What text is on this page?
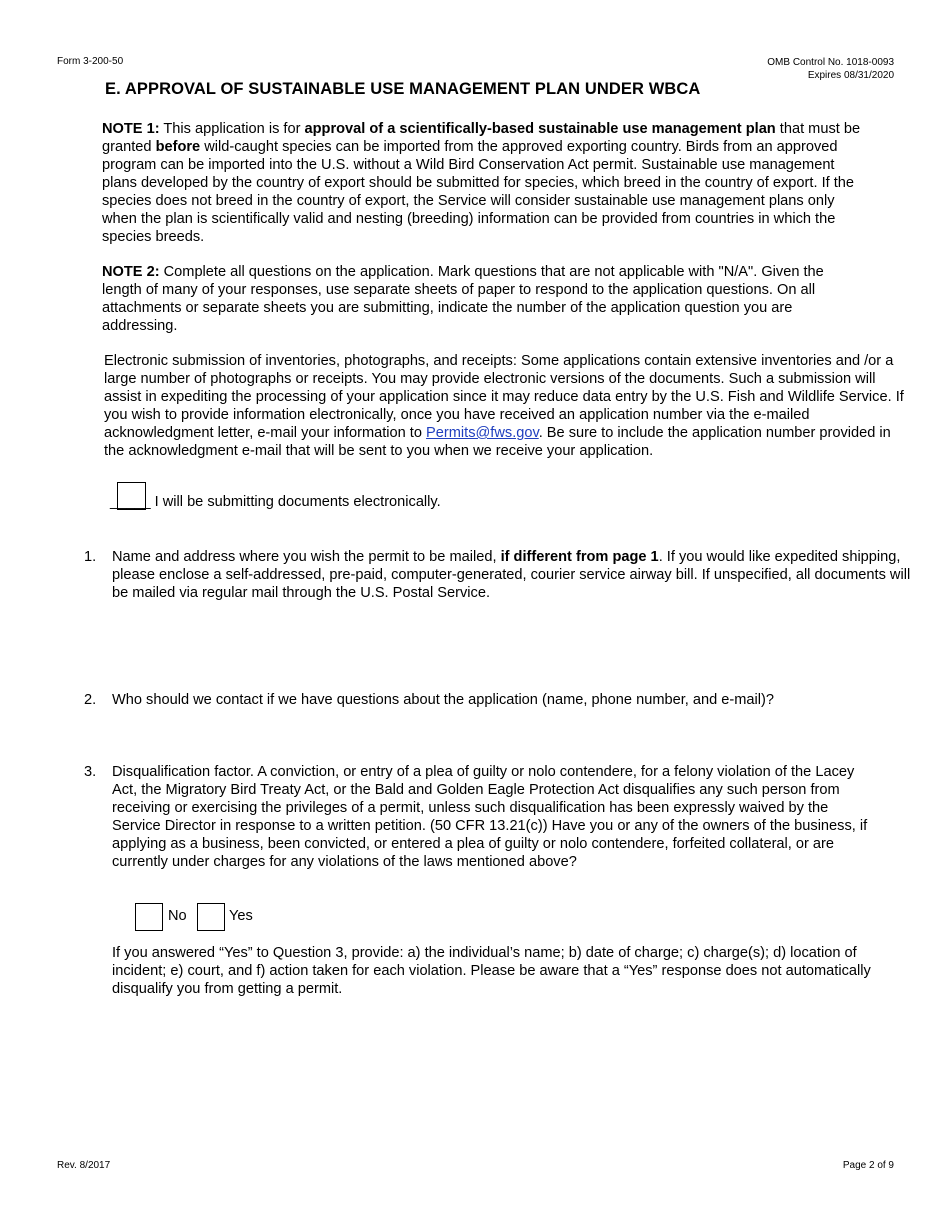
Form 3-200-50	OMB Control No. 1018-0093
Expires 08/31/2020
E. APPROVAL OF SUSTAINABLE USE MANAGEMENT PLAN UNDER WBCA
NOTE 1: This application is for approval of a scientifically-based sustainable use management plan that must be granted before wild-caught species can be imported from the approved exporting country. Birds from an approved program can be imported into the U.S. without a Wild Bird Conservation Act permit. Sustainable use management plans developed by the country of export should be submitted for species, which breed in the country of export. If the species does not breed in the country of export, the Service will consider sustainable use management plans only when the plan is scientifically valid and nesting (breeding) information can be provided from countries in which the species breeds.
NOTE 2: Complete all questions on the application. Mark questions that are not applicable with "N/A". Given the length of many of your responses, use separate sheets of paper to respond to the application questions. On all attachments or separate sheets you are submitting, indicate the number of the application question you are addressing.
Electronic submission of inventories, photographs, and receipts: Some applications contain extensive inventories and /or a large number of photographs or receipts. You may provide electronic versions of the documents. Such a submission will assist in expediting the processing of your application since it may reduce data entry by the U.S. Fish and Wildlife Service. If you wish to provide information electronically, once you have received an application number via the e-mailed acknowledgment letter, e-mail your information to Permits@fws.gov. Be sure to include the application number provided in the acknowledgment e-mail that will be sent to you when we receive your application.
_____ I will be submitting documents electronically.
1. Name and address where you wish the permit to be mailed, if different from page 1. If you would like expedited shipping, please enclose a self-addressed, pre-paid, computer-generated, courier service airway bill. If unspecified, all documents will be mailed via regular mail through the U.S. Postal Service.
2. Who should we contact if we have questions about the application (name, phone number, and e-mail)?
3. Disqualification factor. A conviction, or entry of a plea of guilty or nolo contendere, for a felony violation of the Lacey Act, the Migratory Bird Treaty Act, or the Bald and Golden Eagle Protection Act disqualifies any such person from receiving or exercising the privileges of a permit, unless such disqualification has been expressly waived by the Service Director in response to a written petition. (50 CFR 13.21(c)) Have you or any of the owners of the business, if applying as a business, been convicted, or entered a plea of guilty or nolo contendere, forfeited collateral, or are currently under charges for any violations of the laws mentioned above?
No	Yes
If you answered “Yes” to Question 3, provide: a) the individual’s name; b) date of charge; c) charge(s); d) location of incident; e) court, and f) action taken for each violation. Please be aware that a “Yes” response does not automatically disqualify you from getting a permit.
Rev. 8/2017	Page 2 of 9
